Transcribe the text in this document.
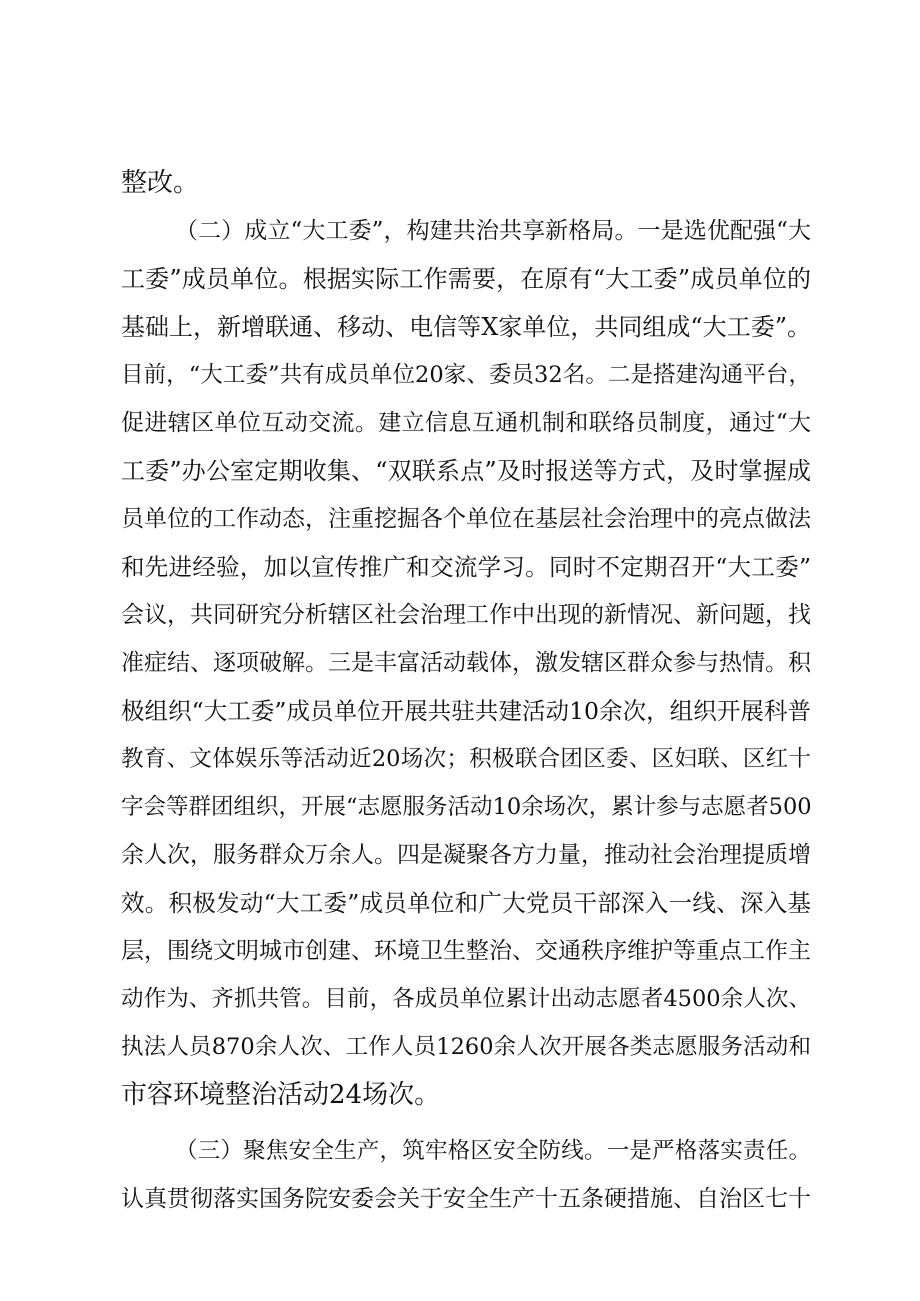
整改。
（二）成立“大工委”，构建共治共享新格局。一是选优配强“大
工委”成员单位。根据实际工作需要，在原有“大工委”成员单位的
基础上，新增联通、移动、电信等X家单位，共同组成“大工委”。
目前，“大工委”共有成员单位20家、委员32名。二是搭建沟通平台，
促进辖区单位互动交流。建立信息互通机制和联络员制度，通过“大
工委”办公室定期收集、“双联系点”及时报送等方式，及时掌握成
员单位的工作动态，注重挖掘各个单位在基层社会治理中的亮点做法
和先进经验，加以宣传推广和交流学习。同时不定期召开“大工委”
会议，共同研究分析辖区社会治理工作中出现的新情况、新问题，找
准症结、逐项破解。三是丰富活动载体，激发辖区群众参与热情。积
极组织“大工委”成员单位开展共驻共建活动10余次，组织开展科普
教育、文体娱乐等活动近20场次；积极联合团区委、区妇联、区红十
字会等群团组织，开展“志愿服务活动10余场次，累计参与志愿者500
余人次，服务群众万余人。四是凝聚各方力量，推动社会治理提质增
效。积极发动“大工委”成员单位和广大党员干部深入一线、深入基
层，围绕文明城市创建、环境卫生整治、交通秩序维护等重点工作主
动作为、齐抓共管。目前，各成员单位累计出动志愿者4500余人次、
执法人员870余人次、工作人员1260余人次开展各类志愿服务活动和
市容环境整治活动24场次。
（三）聚焦安全生产，筑牢格区安全防线。一是严格落实责任。
认真贯彻落实国务院安委会关于安全生产十五条硬措施、自治区七十
